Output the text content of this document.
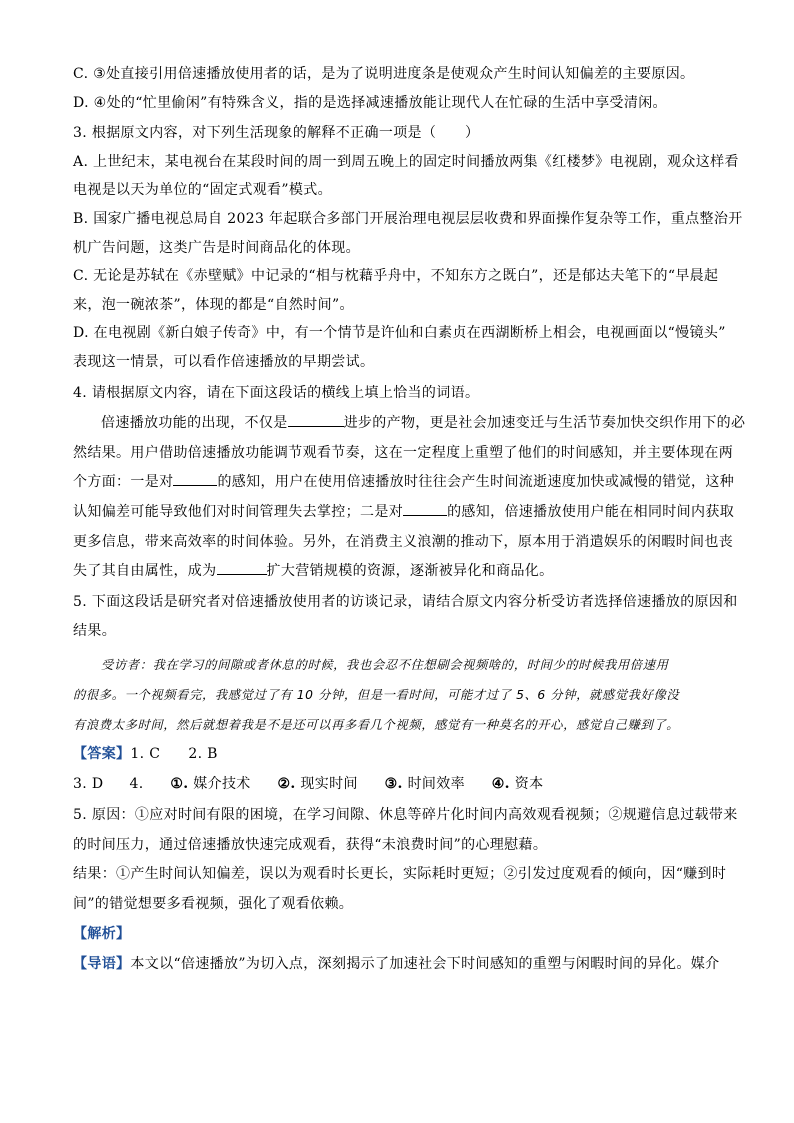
C. ③处直接引用倍速播放使用者的话，是为了说明进度条是使观众产生时间认知偏差的主要原因。
D. ④处的“忙里偷闲”有特殊含义，指的是选择减速播放能让现代人在忙碌的生活中享受清闲。
3. 根据原文内容，对下列生活现象的解释不正确一项是（　　）
A. 上世纪末，某电视台在某段时间的周一到周五晚上的固定时间播放两集《红楼梦》电视剧，观众这样看
电视是以天为单位的“固定式观看”模式。
B. 国家广播电视总局自 2023 年起联合多部门开展治理电视层层收费和界面操作复杂等工作，重点整治开
机广告问题，这类广告是时间商品化的体现。
C. 无论是苏轼在《赤壁赋》中记录的“相与枕藉乎舟中，不知东方之既白”，还是郁达夫笔下的“早晨起
来，泡一碗浓茶”，体现的都是“自然时间”。
D. 在电视剧《新白娘子传奇》中，有一个情节是许仙和白素贞在西湖断桥上相会，电视画面以“慢镜头”
表现这一情景，可以看作倍速播放的早期尝试。
4. 请根据原文内容，请在下面这段话的横线上填上恰当的词语。
倍速播放功能的出现，不仅是	进步的产物，更是社会加速变迁与生活节奏加快交织作用下的必
然结果。用户借助倍速播放功能调节观看节奏，这在一定程度上重塑了他们的时间感知，并主要体现在两
个方面：一是对	的感知，用户在使用倍速播放时往往会产生时间流逝速度加快或减慢的错觉，这种
认知偏差可能导致他们对时间管理失去掌控；二是对	的感知，倍速播放使用户能在相同时间内获取
更多信息，带来高效率的时间体验。另外，在消费主义浪潮的推动下，原本用于消遣娱乐的闲暇时间也丧
失了其自由属性，成为	扩大营销规模的资源，逐渐被异化和商品化。
5. 下面这段话是研究者对倍速播放使用者的访谈记录，请结合原文内容分析受访者选择倍速播放的原因和
结果。
受访者：我在学习的间隙或者休息的时候，我也会忍不住想刷会视频啥的，时间少的时候我用倍速用
的很多。一个视频看完，我感觉过了有 10 分钟，但是一看时间，可能才过了 5、6 分钟，就感觉我好像没
有浪费太多时间，然后就想着我是不是还可以再多看几个视频，感觉有一种莫名的开心，感觉自己赚到了。
【答案】1. C 2. B
3. D 4. ①. 媒介技术 ②. 现实时间 ③. 时间效率 ④. 资本
5. 原因：①应对时间有限的困境，在学习间隙、休息等碎片化时间内高效观看视频；②规避信息过载带来
的时间压力，通过倍速播放快速完成观看，获得“未浪费时间”的心理慰藉。
结果：①产生时间认知偏差，误以为观看时长更长，实际耗时更短；②引发过度观看的倾向，因“赚到时
间”的错觉想要多看视频，强化了观看依赖。
【解析】
【导语】本文以“倍速播放”为切入点，深刻揭示了加速社会下时间感知的重塑与闲暇时间的异化。媒介
